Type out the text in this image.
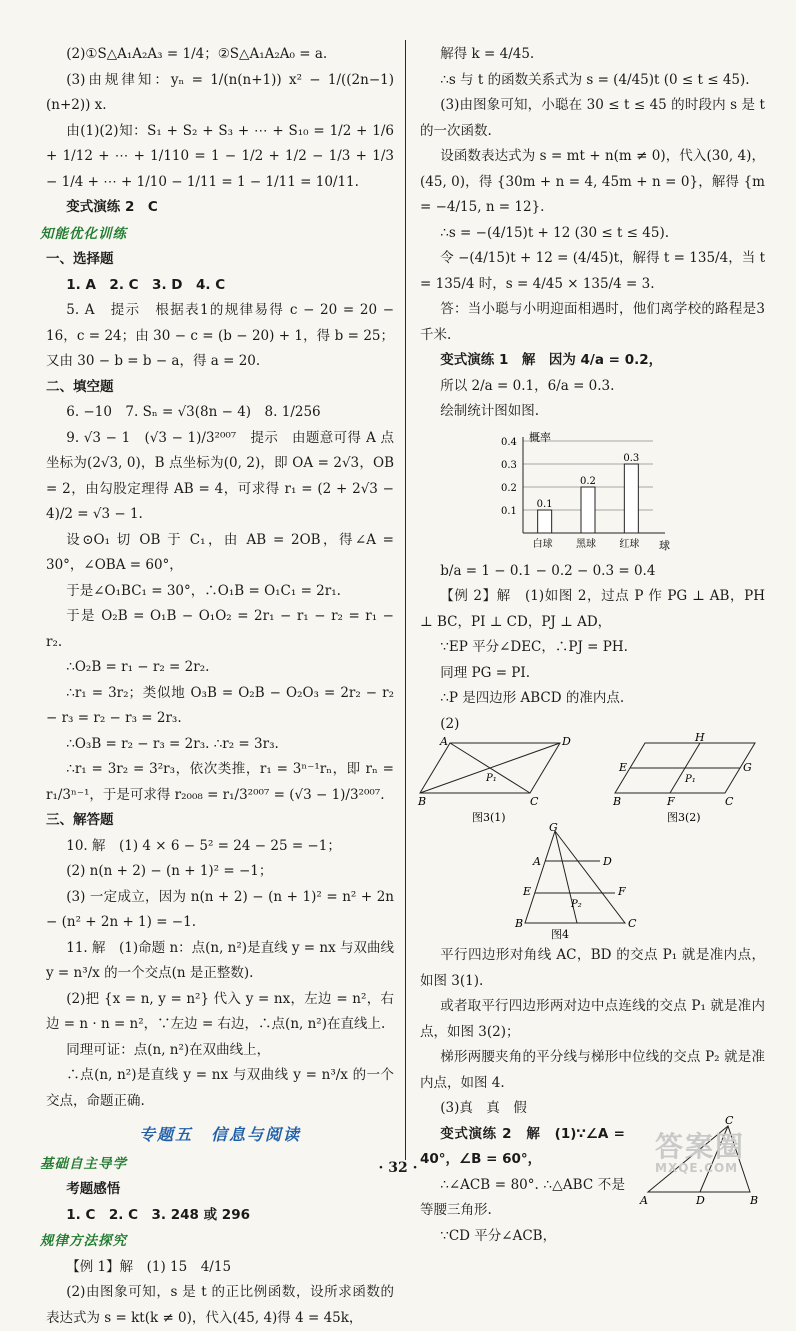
(2)①S△A₁A₂A₃ = 1/4；②S△A₁A₂A₀ = a.

(3)由规律知：yₙ = 1/(n(n+1)) x² − 1/((2n−1)(n+2)) x.

由(1)(2)知：S₁ + S₂ + S₃ + ⋯ + S₁₀ = 1/2 + 1/6 + 1/12 + ⋯ + 1/110 = 1 − 1/2 + 1/2 − 1/3 + 1/3 − 1/4 + ⋯ + 1/10 − 1/11 = 1 − 1/11 = 10/11.

变式演练 2　C

知能优化训练
一、选择题

1. A　2. C　3. D　4. C

5. A　提示　根据表1的规律易得 c − 20 = 20 − 16，c = 24；由 30 − c = (b − 20) + 1，得 b = 25；又由 30 − b = b − a，得 a = 20.

二、填空题

6. −10　7. Sₙ = √3(8n − 4)　8. 1/256

9. √3 − 1　(√3 − 1)/3²⁰⁰⁷　提示　由题意可得 A 点坐标为(2√3, 0)，B 点坐标为(0, 2)，即 OA = 2√3，OB = 2，由勾股定理得 AB = 4，可求得 r₁ = (2 + 2√3 − 4)/2 = √3 − 1.

设⊙O₁ 切 OB 于 C₁，由 AB = 2OB，得∠A = 30°，∠OBA = 60°，

于是∠O₁BC₁ = 30°，∴O₁B = O₁C₁ = 2r₁.

于是 O₂B = O₁B − O₁O₂ = 2r₁ − r₁ − r₂ = r₁ − r₂.

∴O₂B = r₁ − r₂ = 2r₂.

∴r₁ = 3r₂；类似地 O₃B = O₂B − O₂O₃ = 2r₂ − r₂ − r₃ = r₂ − r₃ = 2r₃.

∴O₃B = r₂ − r₃ = 2r₃. ∴r₂ = 3r₃.

∴r₁ = 3r₂ = 3²r₃，依次类推，r₁ = 3ⁿ⁻¹rₙ，即 rₙ = r₁/3ⁿ⁻¹，于是可求得 r₂₀₀₈ = r₁/3²⁰⁰⁷ = (√3 − 1)/3²⁰⁰⁷.

三、解答题

10. 解　(1) 4 × 6 − 5² = 24 − 25 = −1；

(2) n(n + 2) − (n + 1)² = −1；

(3) 一定成立，因为 n(n + 2) − (n + 1)² = n² + 2n − (n² + 2n + 1) = −1.

11. 解　(1)命题 n：点(n, n²)是直线 y = nx 与双曲线 y = n³/x 的一个交点(n 是正整数).

(2)把 {x = n, y = n²} 代入 y = nx，左边 = n²，右边 = n · n = n²，∵左边 = 右边，∴点(n, n²)在直线上.

同理可证：点(n, n²)在双曲线上，

∴点(n, n²)是直线 y = nx 与双曲线 y = n³/x 的一个交点，命题正确.

专题五　信息与阅读
基础自主导学
考题感悟

1. C　2. C　3. 248 或 296

规律方法探究

【例 1】解　(1) 15　4/15

(2)由图象可知，s 是 t 的正比例函数，设所求函数的表达式为 s = kt(k ≠ 0)，代入(45, 4)得 4 = 45k，

解得 k = 4/45.

∴s 与 t 的函数关系式为 s = (4/45)t (0 ≤ t ≤ 45).

(3)由图象可知，小聪在 30 ≤ t ≤ 45 的时段内 s 是 t 的一次函数.

设函数表达式为 s = mt + n(m ≠ 0)，代入(30, 4)，(45, 0)，得 {30m + n = 4, 45m + n = 0}，解得 {m = −4/15, n = 12}.

∴s = −(4/15)t + 12 (30 ≤ t ≤ 45).

令 −(4/15)t + 12 = (4/45)t，解得 t = 135/4，当 t = 135/4 时，s = 4/45 × 135/4 = 3.

答：当小聪与小明迎面相遇时，他们离学校的路程是3千米.

变式演练 1　解　因为 4/a = 0.2，

所以 2/a = 0.1，6/a = 0.3.

绘制统计图如图.

概率
球
0.1
0.2
0.3
0.4
0.1
白球
0.2
黑球
0.3
红球

b/a = 1 − 0.1 − 0.2 − 0.3 = 0.4

【例 2】解　(1)如图 2，过点 P 作 PG ⊥ AB，PH ⊥ BC，PI ⊥ CD，PJ ⊥ AD，

∵EP 平分∠DEC，∴PJ = PH.

同理 PG = PI.

∴P 是四边形 ABCD 的准内点.

(2)

A	D
B	C
P₁
图3(1)
H
E	G
P₁
B	F	C
图3(2)
G
A	D
E	F
P₂
B	C
图4

平行四边形对角线 AC，BD 的交点 P₁ 就是准内点，如图 3(1).

或者取平行四边形两对边中点连线的交点 P₁ 就是准内点，如图 3(2)；

梯形两腰夹角的平分线与梯形中位线的交点 P₂ 就是准内点，如图 4.

(3)真　真　假

变式演练 2　解　(1)∵∠A = 40°，∠B = 60°，

∴∠ACB = 80°. ∴△ABC 不是等腰三角形.

∵CD 平分∠ACB，

C
A	D	B
· 32 ·
答案圈
MXQE.COM
